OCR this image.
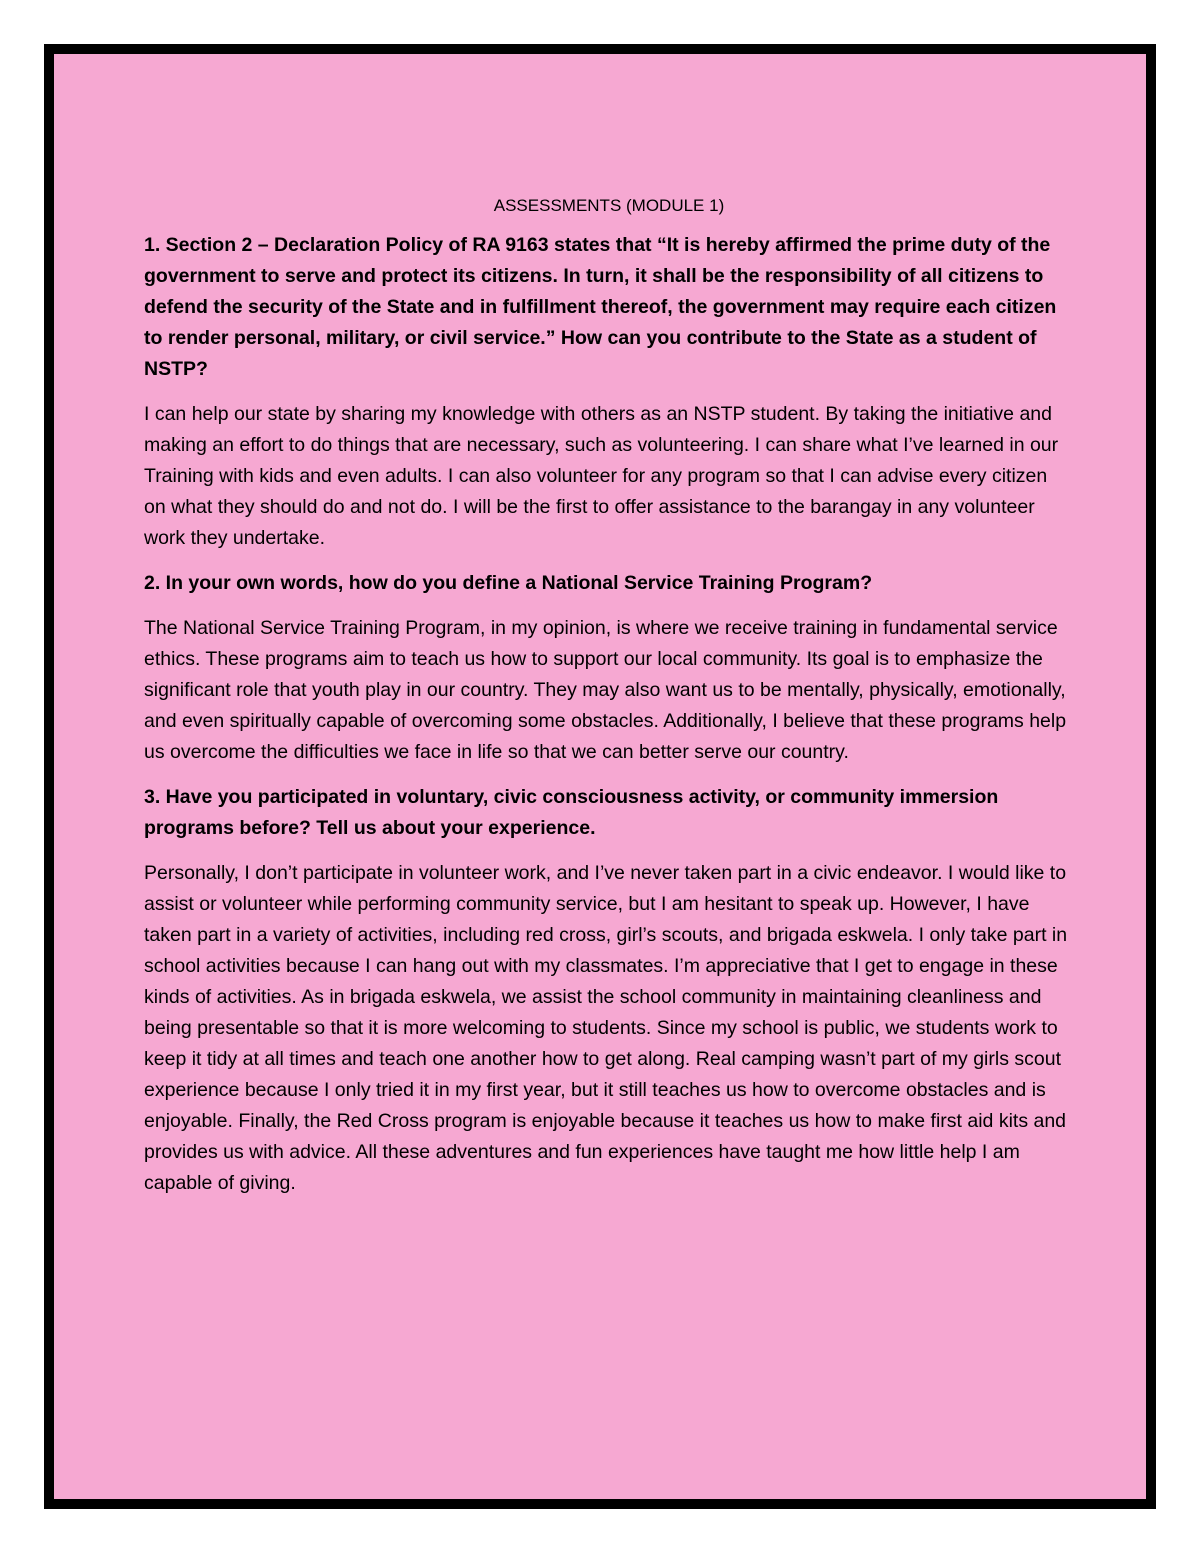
ASSESSMENTS (MODULE 1)
1. Section 2 – Declaration Policy of RA 9163 states that “It is hereby affirmed the prime duty of the government to serve and protect its citizens. In turn, it shall be the responsibility of all citizens to defend the security of the State and in fulfillment thereof, the government may require each citizen to render personal, military, or civil service.” How can you contribute to the State as a student of NSTP?
I can help our state by sharing my knowledge with others as an NSTP student. By taking the initiative and making an effort to do things that are necessary, such as volunteering. I can share what I’ve learned in our Training with kids and even adults. I can also volunteer for any program so that I can advise every citizen on what they should do and not do. I will be the first to offer assistance to the barangay in any volunteer work they undertake.
2. In your own words, how do you define a National Service Training Program?
The National Service Training Program, in my opinion, is where we receive training in fundamental service ethics. These programs aim to teach us how to support our local community. Its goal is to emphasize the significant role that youth play in our country. They may also want us to be mentally, physically, emotionally, and even spiritually capable of overcoming some obstacles. Additionally, I believe that these programs help us overcome the difficulties we face in life so that we can better serve our country.
3. Have you participated in voluntary, civic consciousness activity, or community immersion programs before? Tell us about your experience.
Personally, I don’t participate in volunteer work, and I’ve never taken part in a civic endeavor. I would like to assist or volunteer while performing community service, but I am hesitant to speak up. However, I have taken part in a variety of activities, including red cross, girl’s scouts, and brigada eskwela. I only take part in school activities because I can hang out with my classmates. I’m appreciative that I get to engage in these kinds of activities. As in brigada eskwela, we assist the school community in maintaining cleanliness and being presentable so that it is more welcoming to students. Since my school is public, we students work to keep it tidy at all times and teach one another how to get along. Real camping wasn’t part of my girls scout experience because I only tried it in my first year, but it still teaches us how to overcome obstacles and is enjoyable. Finally, the Red Cross program is enjoyable because it teaches us how to make first aid kits and provides us with advice. All these adventures and fun experiences have taught me how little help I am capable of giving.
